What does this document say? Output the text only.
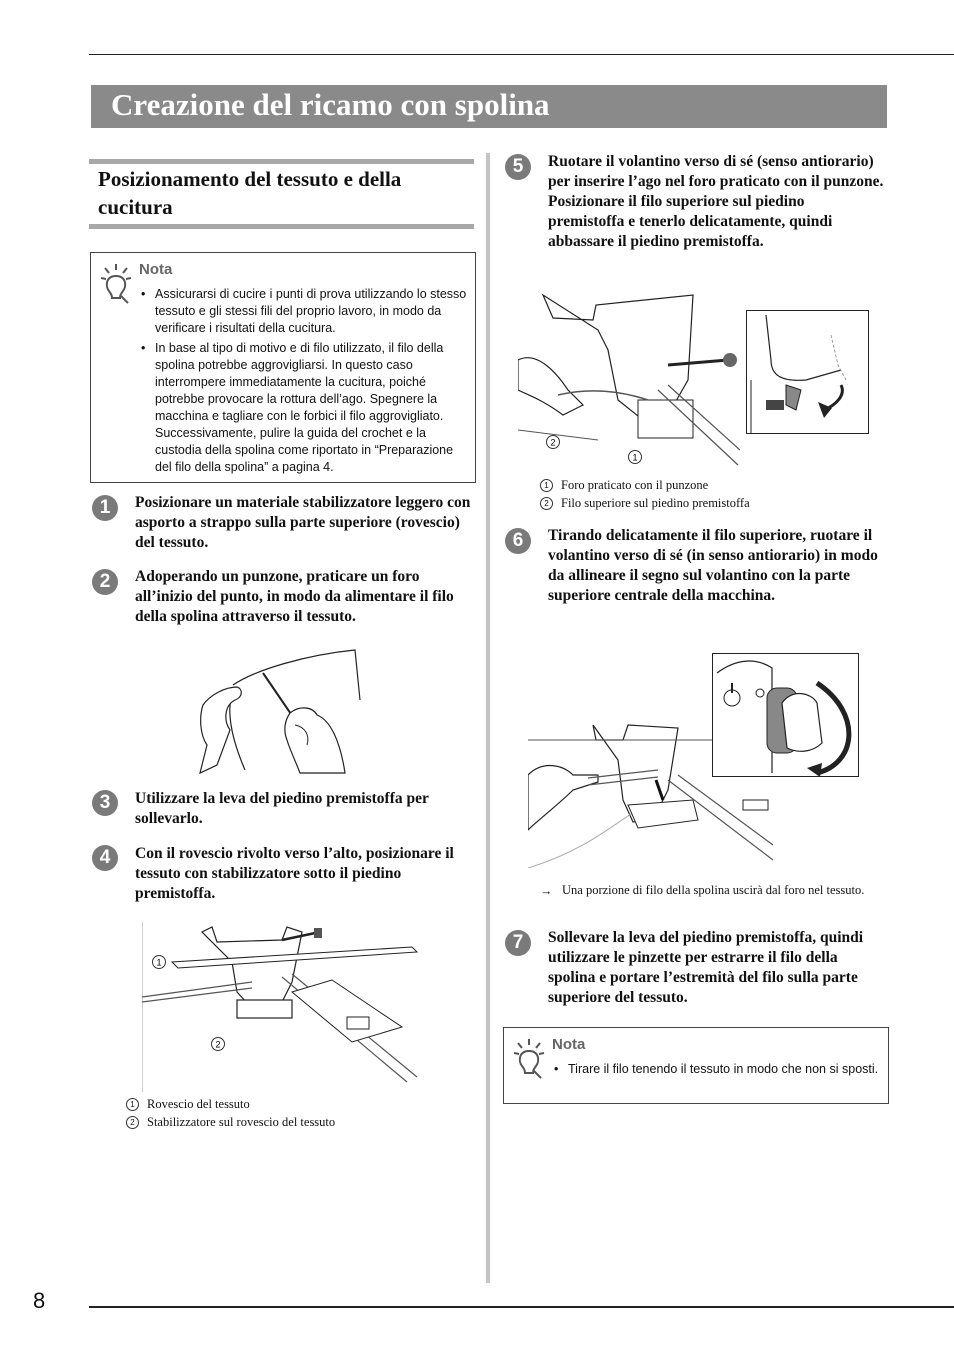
Creazione del ricamo con spolina
Posizionamento del tessuto e della cucitura
Nota
• Assicurarsi di cucire i punti di prova utilizzando lo stesso tessuto e gli stessi fili del proprio lavoro, in modo da verificare i risultati della cucitura.
• In base al tipo di motivo e di filo utilizzato, il filo della spolina potrebbe aggrovigliarsi. In questo caso interrompere immediatamente la cucitura, poiché potrebbe provocare la rottura dell’ago. Spegnere la macchina e tagliare con le forbici il filo aggrovigliato. Successivamente, pulire la guida del crochet e la custodia della spolina come riportato in “Preparazione del filo della spolina” a pagina 4.
1	Posizionare un materiale stabilizzatore leggero con asporto a strappo sulla parte superiore (rovescio) del tessuto.
2	Adoperando un punzone, praticare un foro all’inizio del punto, in modo da alimentare il filo della spolina attraverso il tessuto.
3	Utilizzare la leva del piedino premistoffa per sollevarlo.
4	Con il rovescio rivolto verso l’alto, posizionare il tessuto con stabilizzatore sotto il piedino premistoffa.
1
2
1 Rovescio del tessuto
2 Stabilizzatore sul rovescio del tessuto
5	Ruotare il volantino verso di sé (senso antiorario) per inserire l’ago nel foro praticato con il punzone. Posizionare il filo superiore sul piedino premistoffa e tenerlo delicatamente, quindi abbassare il piedino premistoffa.
2
1
1 Foro praticato con il punzone
2 Filo superiore sul piedino premistoffa
6	Tirando delicatamente il filo superiore, ruotare il volantino verso di sé (in senso antiorario) in modo da allineare il segno sul volantino con la parte superiore centrale della macchina.
→ Una porzione di filo della spolina uscirà dal foro nel tessuto.
7	Sollevare la leva del piedino premistoffa, quindi utilizzare le pinzette per estrarre il filo della spolina e portare l’estremità del filo sulla parte superiore del tessuto.
Nota
• Tirare il filo tenendo il tessuto in modo che non si sposti.
8
